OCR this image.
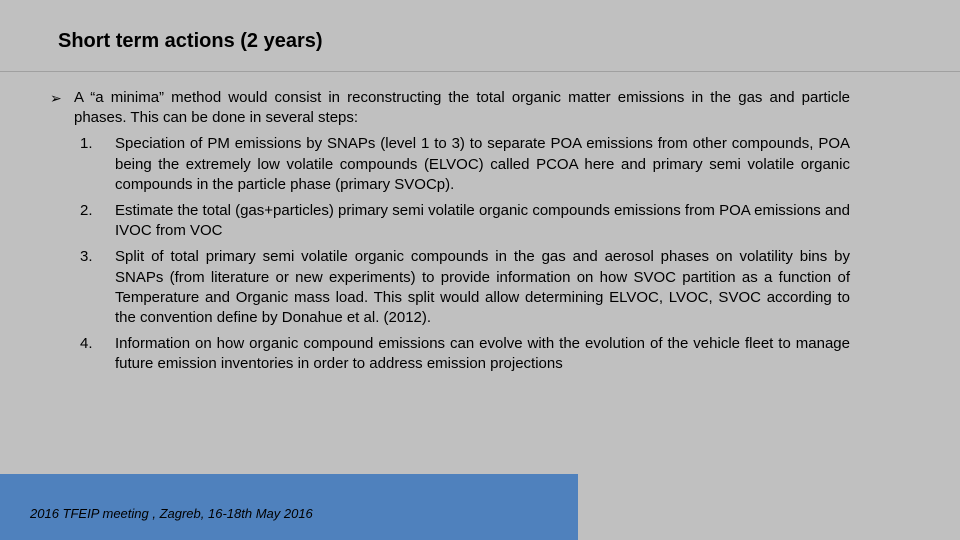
Short term actions (2 years)
➢ A “a minima” method would consist in reconstructing the total organic matter emissions in the gas and particle phases. This can be done in several steps:
1.	Speciation of PM emissions by SNAPs (level 1 to 3) to separate POA emissions from other compounds, POA being the extremely low volatile compounds (ELVOC) called PCOA here and primary semi volatile organic compounds in the particle phase (primary SVOCp).
2.	Estimate the total (gas+particles) primary semi volatile organic compounds emissions from POA emissions and IVOC from VOC
3.	Split of total primary semi volatile organic compounds in the gas and aerosol phases on volatility bins by SNAPs (from literature or new experiments) to provide information on how SVOC partition as a function of Temperature and Organic mass load. This split would allow determining ELVOC, LVOC, SVOC according to the convention define by Donahue et al. (2012).
4.	Information on how organic compound emissions can evolve with the evolution of the vehicle fleet to manage future emission inventories in order to address emission projections
2016 TFEIP meeting , Zagreb, 16-18th May 2016
